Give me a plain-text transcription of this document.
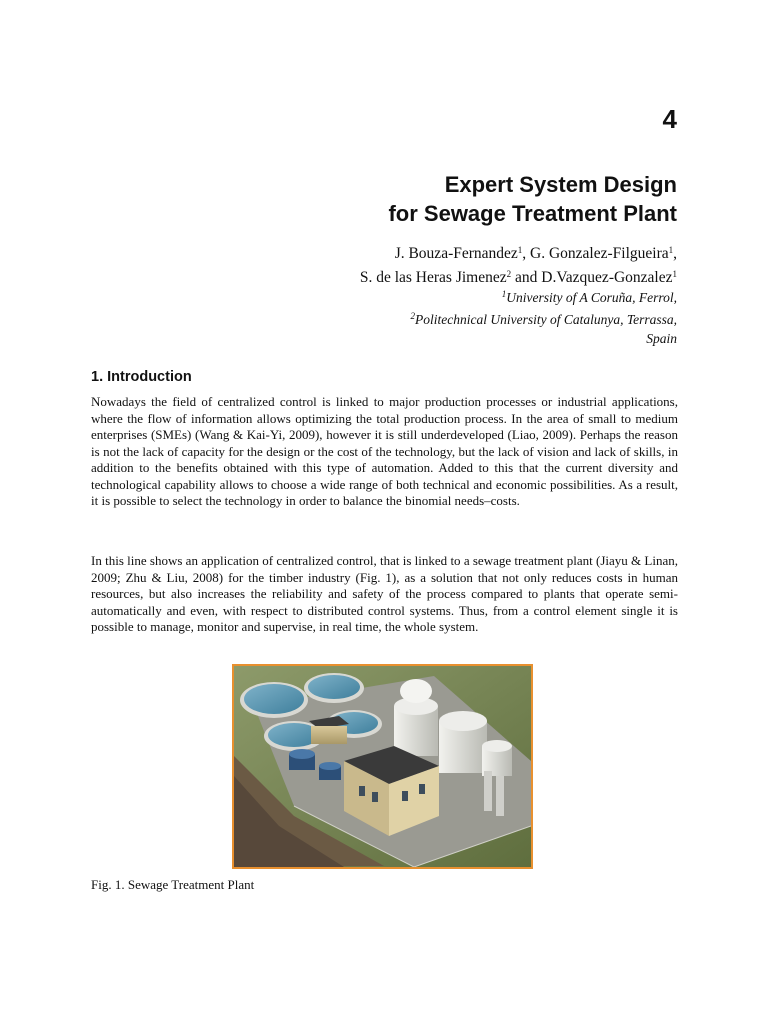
4
Expert System Design
for Sewage Treatment Plant
J. Bouza-Fernandez$^1$, G. Gonzalez-Filgueira$^1$,
S. de las Heras Jimenez$^2$ and D.Vazquez-Gonzalez$^1$
$^1$University of A Coruña, Ferrol,
$^2$Politechnical University of Catalunya, Terrassa,
Spain
1. Introduction

Nowadays the field of centralized control is linked to major production processes or industrial applications, where the flow of information allows optimizing the total production process. In the area of small to medium enterprises (SMEs) (Wang & Kai-Yi, 2009), however it is still underdeveloped (Liao, 2009). Perhaps the reason is not the lack of capacity for the design or the cost of the technology, but the lack of vision and lack of skills, in addition to the benefits obtained with this type of automation. Added to this that the current diversity and technological capability allows to choose a wide range of both technical and economic possibilities. As a result, it is possible to select the technology in order to balance the binomial needs–costs.

In this line shows an application of centralized control, that is linked to a sewage treatment plant (Jiayu & Linan, 2009; Zhu & Liu, 2008) for the timber industry (Fig. 1), as a solution that not only reduces costs in human resources, but also increases the reliability and safety of the process compared to plants that operate semi-automatically and even, with respect to distributed control systems. Thus, from a control element single it is possible to manage, monitor and supervise, in real time, the whole system.

Fig. 1. Sewage Treatment Plant
